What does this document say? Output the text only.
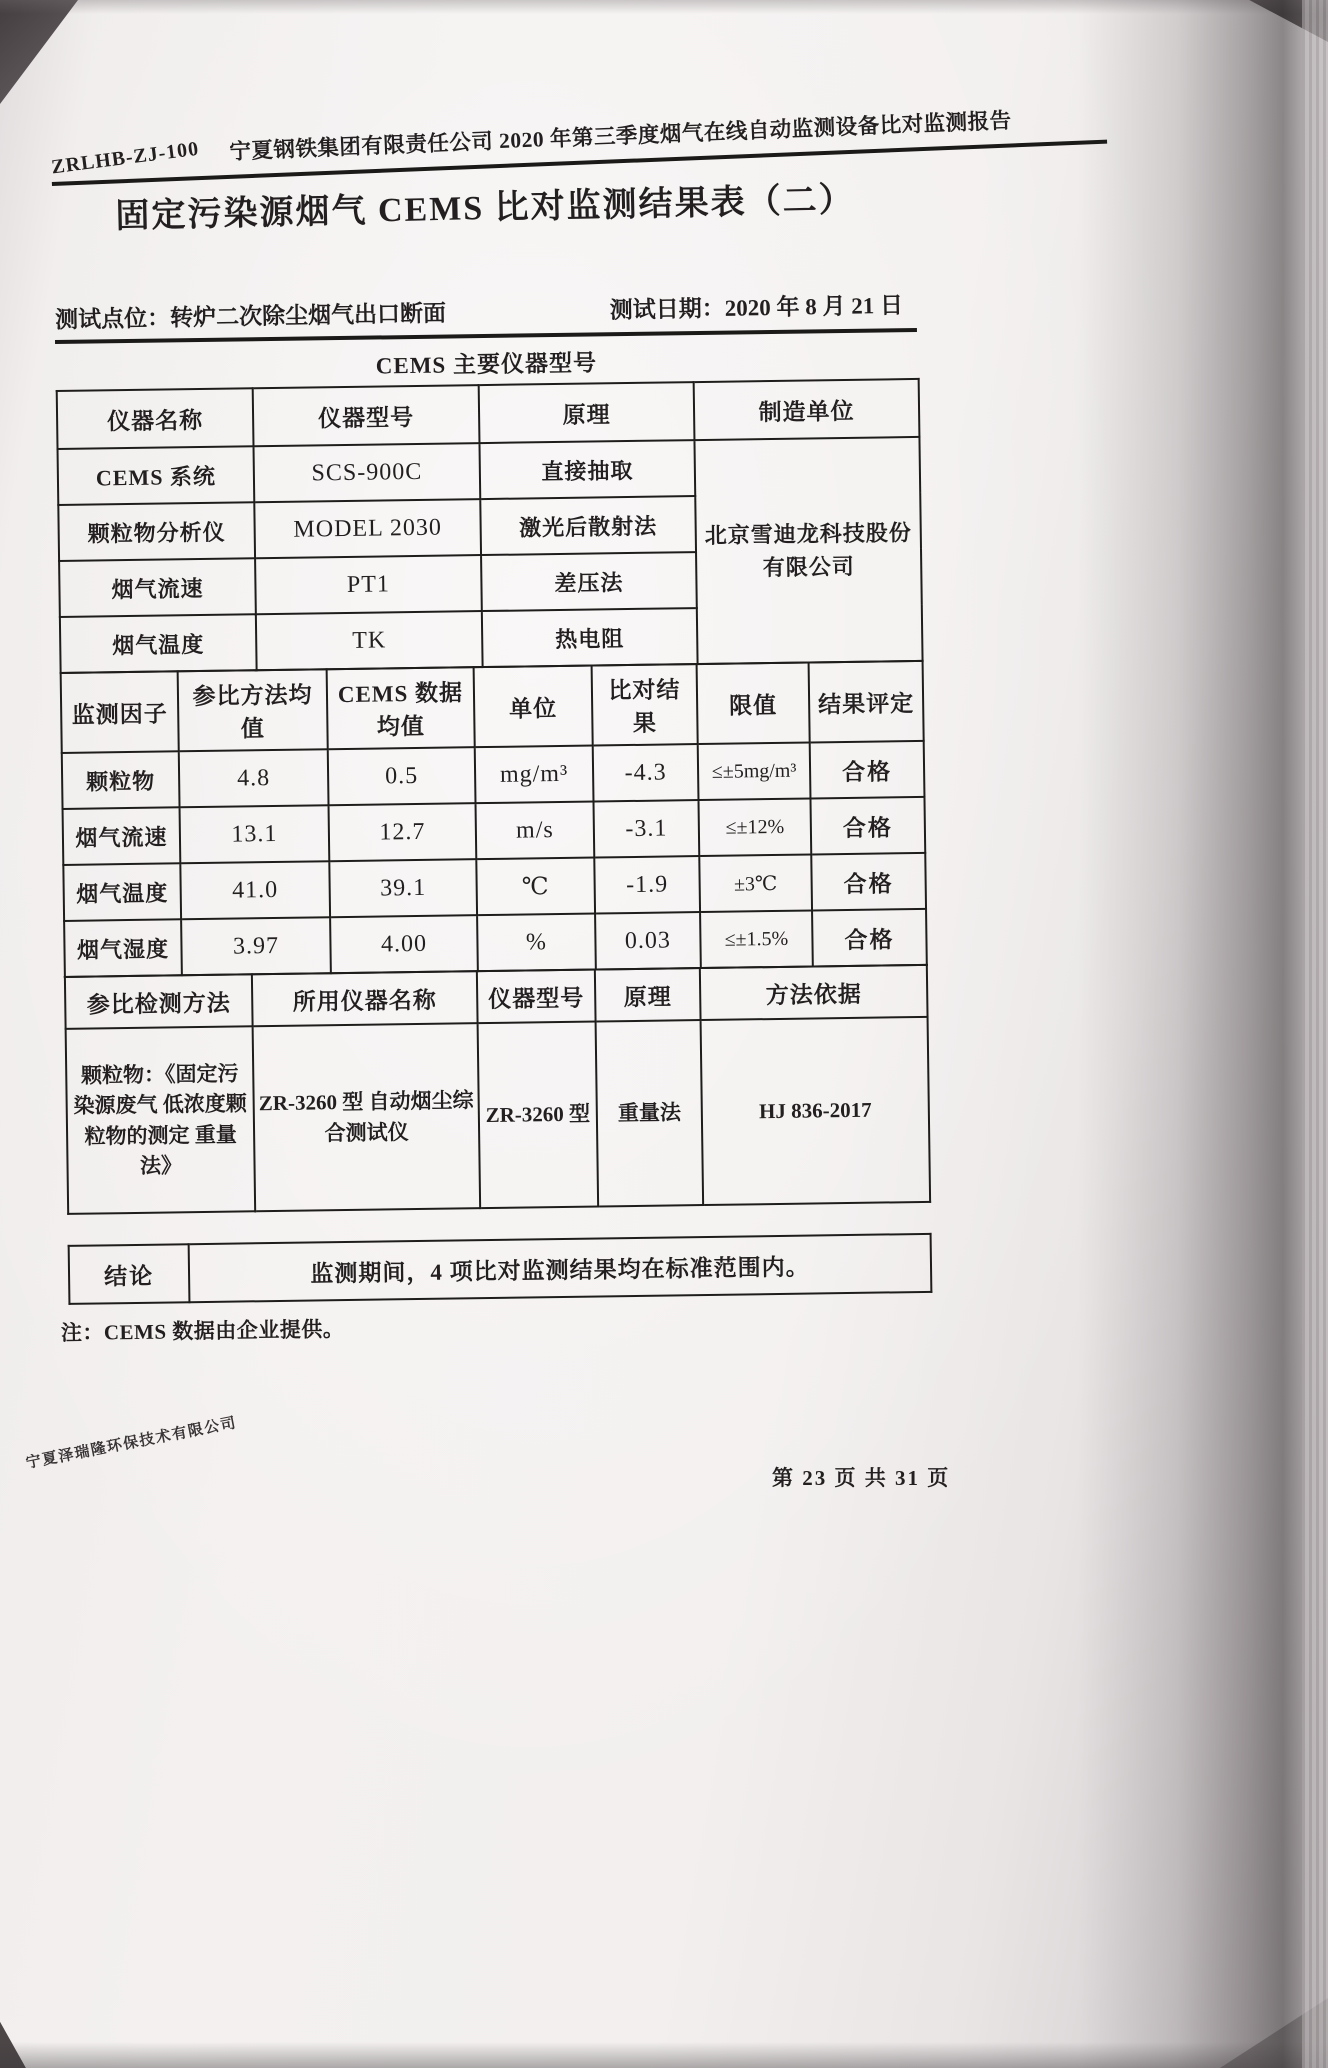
ZRLHB-ZJ-100 宁夏钢铁集团有限责任公司 2020 年第三季度烟气在线自动监测设备比对监测报告
固定污染源烟气 CEMS 比对监测结果表（二）
测试点位：转炉二次除尘烟气出口断面	测试日期：2020 年 8 月 21 日
CEMS 主要仪器型号
仪器名称	仪器型号	原理	制造单位
CEMS 系统	SCS-900C	直接抽取	北京雪迪龙科技股份有限公司
颗粒物分析仪	MODEL 2030	激光后散射法	
烟气流速	PT1	差压法	
烟气温度	TK	热电阻	
监测因子	参比方法均值	CEMS 数据均值	单位	比对结果	限值	结果评定
颗粒物	4.8	0.5	mg/m³	-4.3	≤±5mg/m³	合格
烟气流速	13.1	12.7	m/s	-3.1	≤±12%	合格
烟气温度	41.0	39.1	℃	-1.9	±3℃	合格
烟气湿度	3.97	4.00	%	0.03	≤±1.5%	合格
参比检测方法	所用仪器名称	仪器型号	原理	方法依据
颗粒物：《固定污染源废气 低浓度颗粒物的测定 重量法》	ZR-3260 型 自动烟尘综合测试仪	ZR-3260 型	重量法	HJ 836-2017
结论	监测期间，4 项比对监测结果均在标准范围内。
注：CEMS 数据由企业提供。
宁夏泽瑞隆环保技术有限公司
第 23 页 共 31 页
